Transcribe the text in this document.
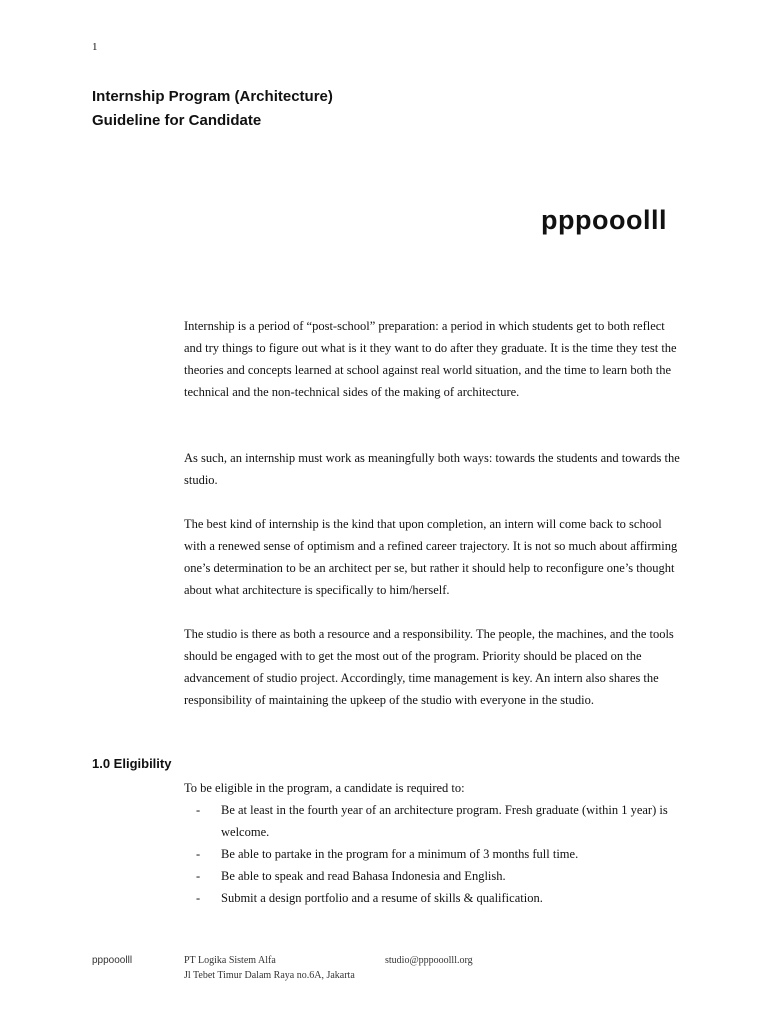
1
Internship Program (Architecture)
Guideline for Candidate
pppooolll

Internship is a period of “post-school” preparation: a period in which students get to both reflect and try things to figure out what is it they want to do after they graduate. It is the time they test the theories and concepts learned at school against real world situation, and the time to learn both the technical and the non-technical sides of the making of architecture.

As such, an internship must work as meaningfully both ways: towards the students and towards the studio.

The best kind of internship is the kind that upon completion, an intern will come back to school with a renewed sense of optimism and a refined career trajectory. It is not so much about affirming one’s determination to be an architect per se, but rather it should help to reconfigure one’s thought about what architecture is specifically to him/herself.

The studio is there as both a resource and a responsibility. The people, the machines, and the tools should be engaged with to get the most out of the program. Priority should be placed on the advancement of studio project. Accordingly, time management is key. An intern also shares the responsibility of maintaining the upkeep of the studio with everyone in the studio.

1.0 Eligibility
To be eligible in the program, a candidate is required to:
- Be at least in the fourth year of an architecture program. Fresh graduate (within 1 year) is welcome.
- Be able to partake in the program for a minimum of 3 months full time.
- Be able to speak and read Bahasa Indonesia and English.
- Submit a design portfolio and a resume of skills & qualification.
pppooolll	PT Logika Sistem Alfa
Jl Tebet Timur Dalam Raya no.6A, Jakarta
studio@pppooolll.org
